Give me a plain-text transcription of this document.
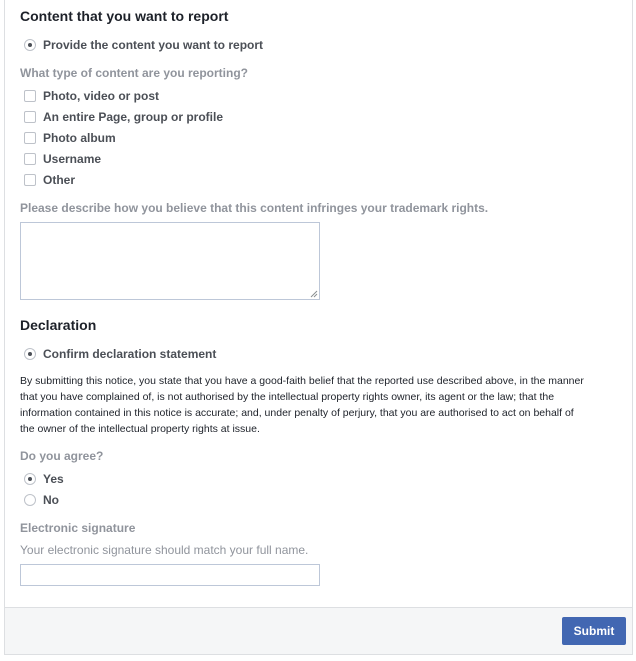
Content that you want to report
Provide the content you want to report
What type of content are you reporting?
Photo, video or post
An entire Page, group or profile
Photo album
Username
Other
Please describe how you believe that this content infringes your trademark rights.
Declaration
Confirm declaration statement
By submitting this notice, you state that you have a good-faith belief that the reported use described above, in the manner
that you have complained of, is not authorised by the intellectual property rights owner, its agent or the law; that the
information contained in this notice is accurate; and, under penalty of perjury, that you are authorised to act on behalf of
the owner of the intellectual property rights at issue.
Do you agree?
Yes
No
Electronic signature
Your electronic signature should match your full name.
Submit
